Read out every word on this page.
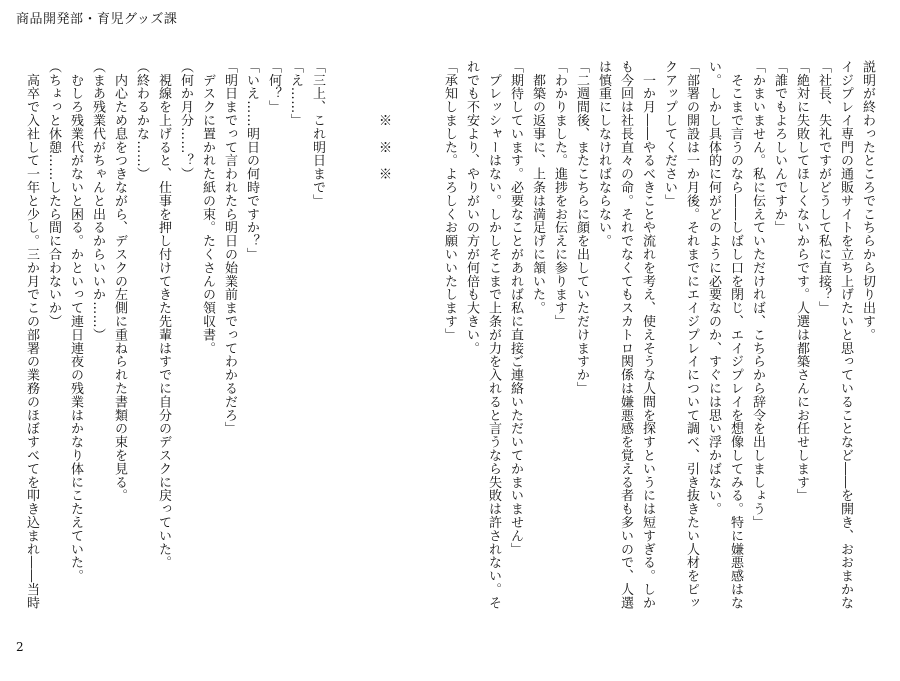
商品開発部・育児グッズ課
説明が終わったところでこちらから切り出す。
イジプレイ専門の通販サイトを立ち上げたいと思っていることなど――を開き、おおまかな
「社長、失礼ですがどうして私に直接？」
「絶対に失敗してほしくないからです。人選は都築さんにお任せします」
「誰でもよろしいんですか」
「かまいません。私に伝えていただければ、こちらから辞令を出しましょう」
　そこまで言うのなら――しばし口を閉じ、エイジプレイを想像してみる。特に嫌悪感はな
い。しかし具体的に何がどのように必要なのか、すぐには思い浮かばない。
「部署の開設は一か月後。それまでにエイジプレイについて調べ、引き抜きたい人材をピッ
クアップしてください」
　一か月――やるべきことや流れを考え、使えそうな人間を探すというには短すぎる。しか
も今回は社長直々の命。それでなくてもスカトロ関係は嫌悪感を覚える者も多いので、人選
は慎重にしなければならない。
「二週間後、またこちらに顔を出していただけますか」
「わかりました。進捗をお伝えに参ります」
　都築の返事に、上条は満足げに頷いた。
「期待しています。必要なことがあれば私に直接ご連絡いただいてかまいません」
　プレッシャーはない。しかしそこまで上条が力を入れると言うなら失敗は許されない。そ
れでも不安より、やりがいの方が何倍も大きい。
「承知しました。よろしくお願いいたします」
　　　　※　※　※
「三上、これ明日まで」
「え……」
「何？」
「いえ……明日の何時ですか？」
「明日までって言われたら明日の始業前までってわかるだろ」
　デスクに置かれた紙の束。たくさんの領収書。
（何か月分……？）
　視線を上げると、仕事を押し付けてきた先輩はすでに自分のデスクに戻っていた。
（終わるかな……）
　内心ため息をつきながら、デスクの左側に重ねられた書類の束を見る。
（まあ残業代がちゃんと出るからいいか……）
　むしろ残業代がないと困る。かといって連日連夜の残業はかなり体にこたえていた。
（ちょっと休憩……したら間に合わないか）
　高卒で入社して一年と少し。三か月でこの部署の業務のほぼすべてを叩き込まれ――当時
2
